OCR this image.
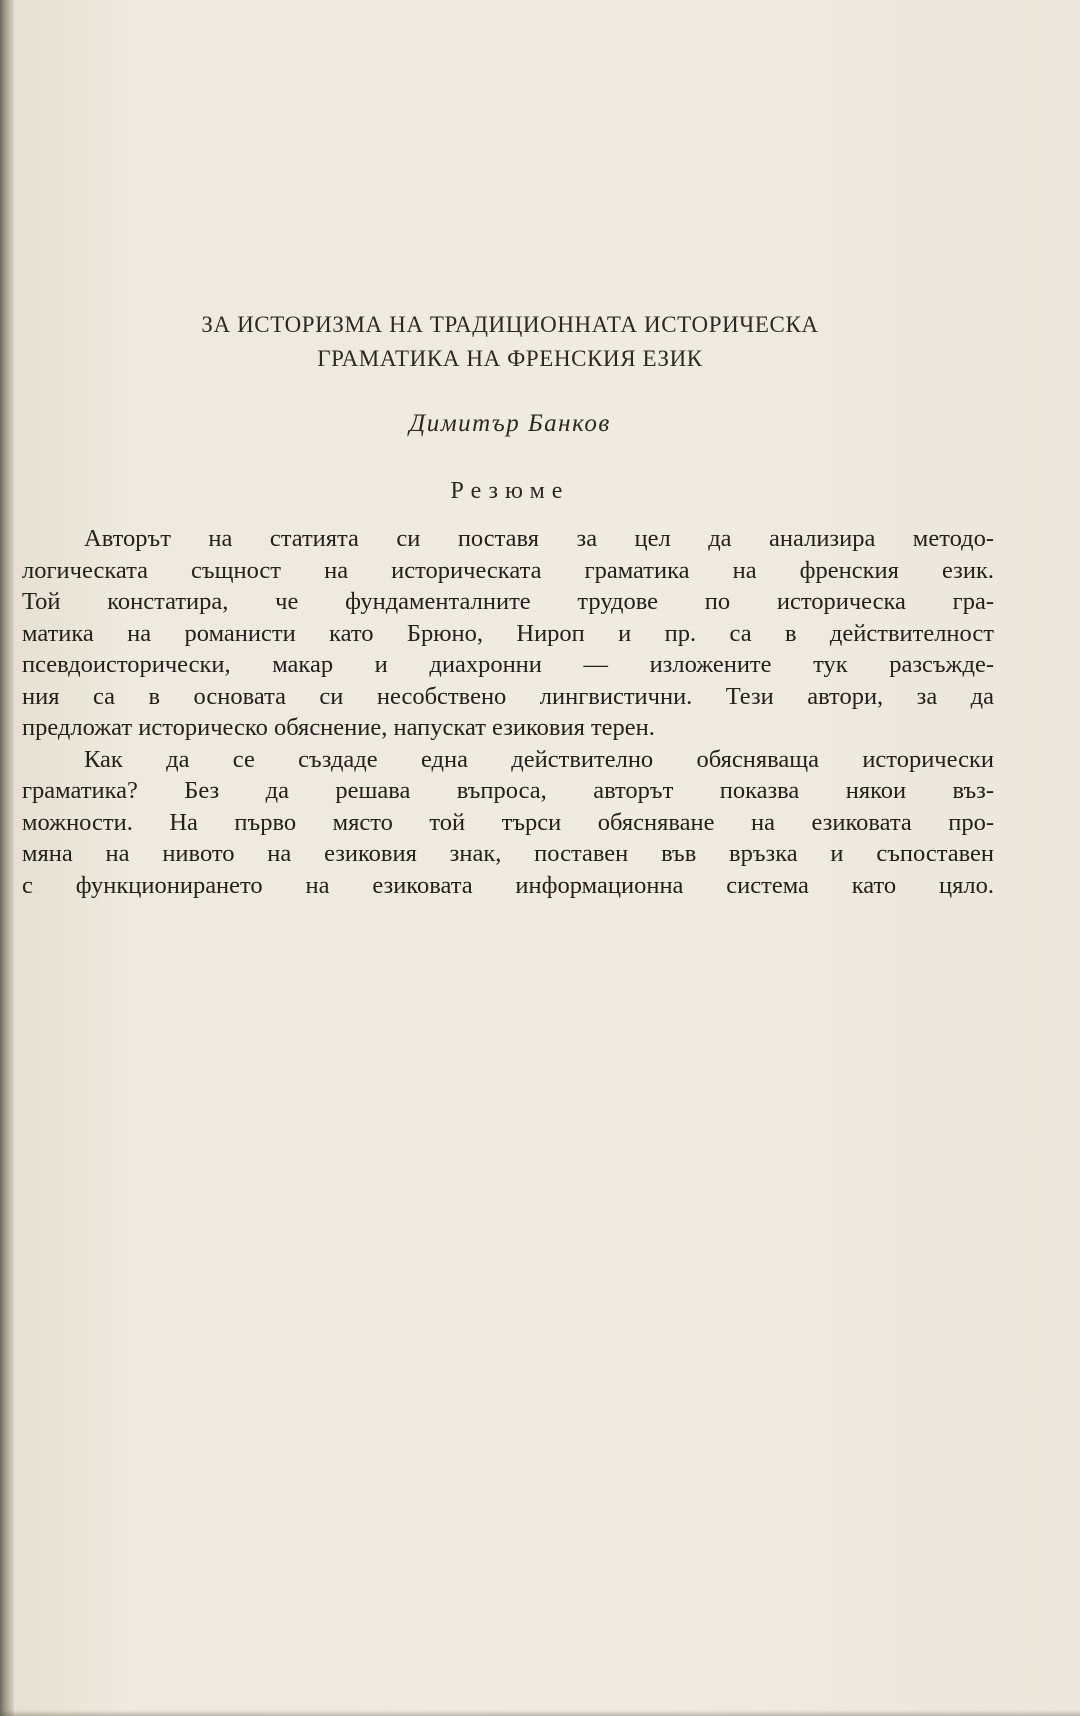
ЗА ИСТОРИЗМА НА ТРАДИЦИОННАТА ИСТОРИЧЕСКА
ГРАМАТИКА НА ФРЕНСКИЯ ЕЗИК
Димитър Банков
Резюме
Авторът на статията си поставя за цел да анализира методо-
логическата същност на историческата граматика на френския език.
Той констатира, че фундаменталните трудове по историческа гра-
матика на романисти като Брюно, Нироп и пр. са в действителност
псевдоисторически, макар и диахронни — изложените тук разсъжде-
ния са в основата си несобствено лингвистични. Тези автори, за да
предложат историческо обяснение, напускат езиковия терен.
Как да се създаде една действително обясняваща исторически
граматика? Без да решава въпроса, авторът показва някои въз-
можности. На първо място той търси обясняване на езиковата про-
мяна на нивото на езиковия знак, поставен във връзка и съпоставен
с функционирането на езиковата информационна система като цяло.
